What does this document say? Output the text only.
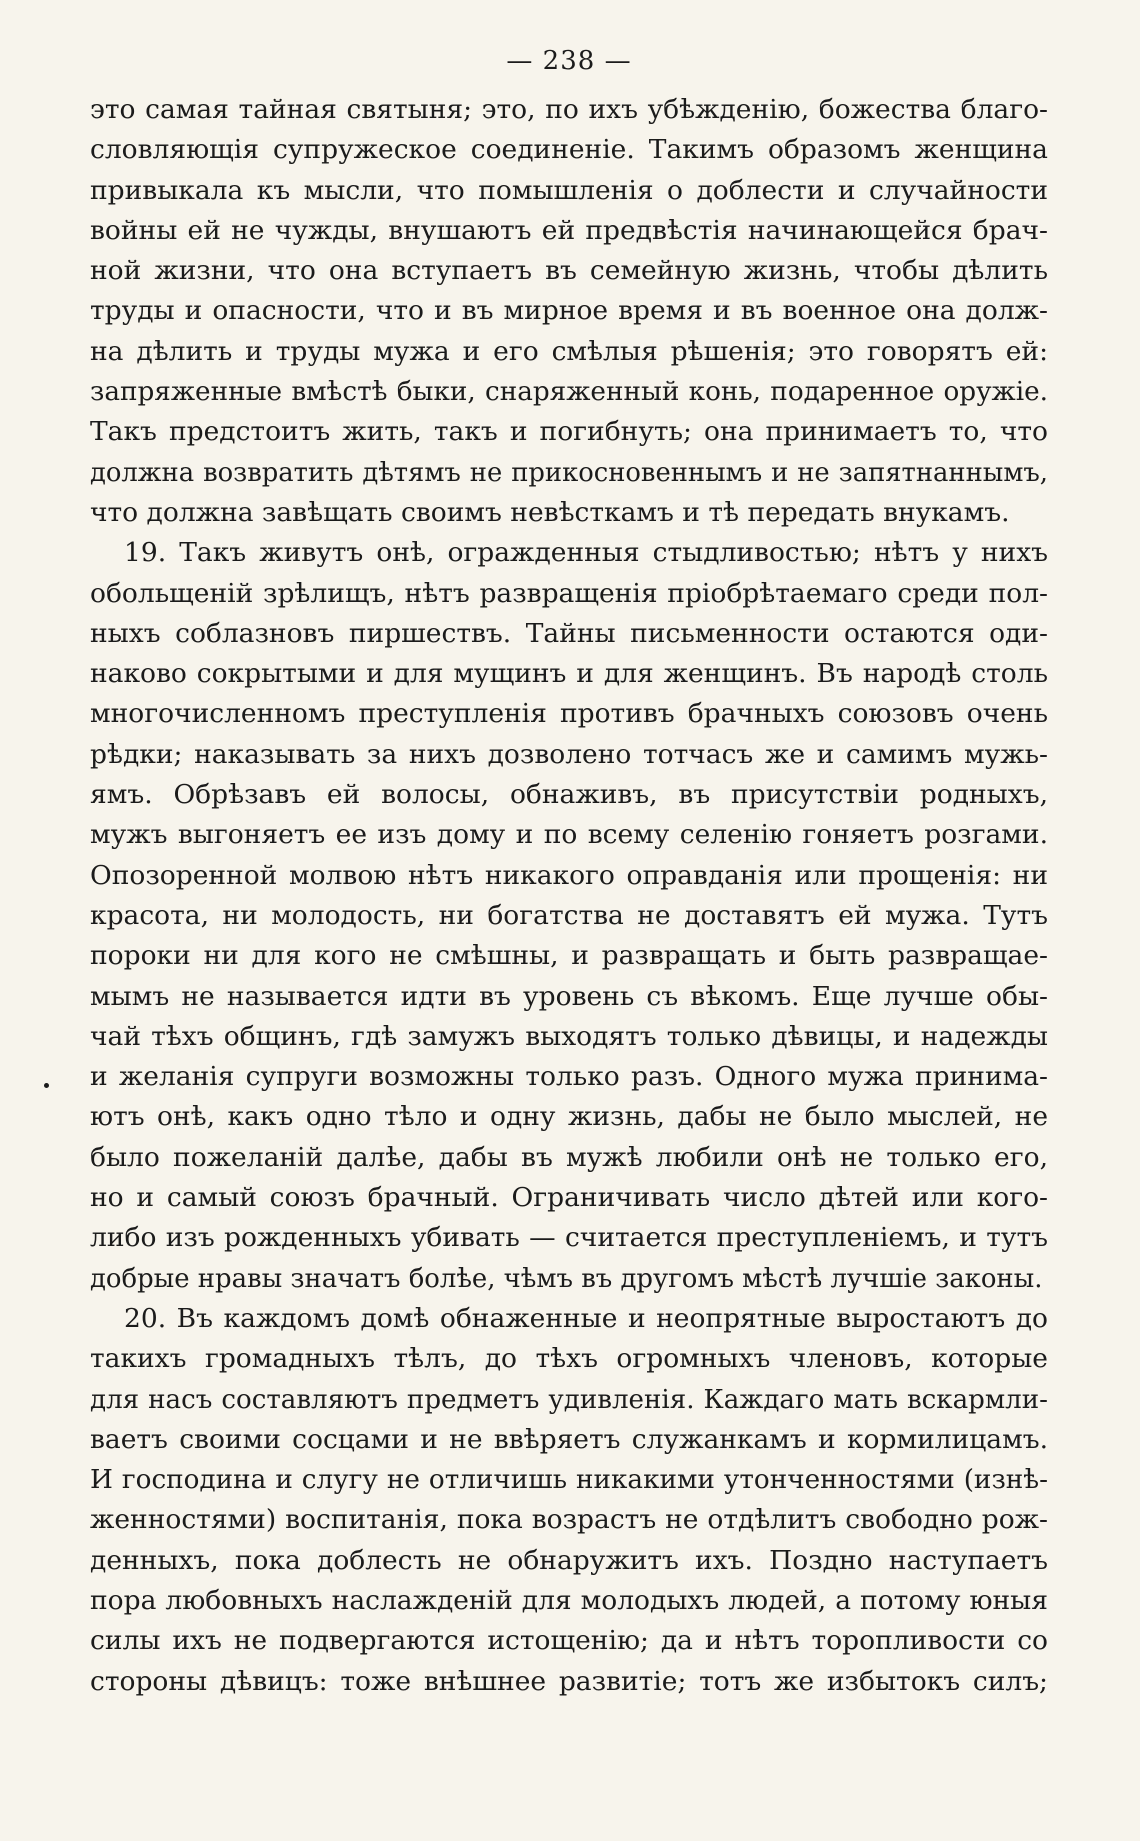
— 238 —
это самая тайная святыня; это, по ихъ убѣжденію, божества благо-
словляющія супружеское соединеніе. Такимъ образомъ женщина
привыкала къ мысли, что помышленія о доблести и случайности
войны ей не чужды, внушаютъ ей предвѣстія начинающейся брач-
ной жизни, что она вступаетъ въ семейную жизнь, чтобы дѣлить
труды и опасности, что и въ мирное время и въ военное она долж-
на дѣлить и труды мужа и его смѣлыя рѣшенія; это говорятъ ей:
запряженные вмѣстѣ быки, снаряженный конь, подаренное оружіе.
Такъ предстоитъ жить, такъ и погибнуть; она принимаетъ то, что
должна возвратить дѣтямъ не прикосновеннымъ и не запятнаннымъ,
что должна завѣщать своимъ невѣсткамъ и тѣ передать внукамъ.
19. Такъ живутъ онѣ, огражденныя стыдливостью; нѣтъ у нихъ
обольщеній зрѣлищъ, нѣтъ развращенія пріобрѣтаемаго среди пол-
ныхъ соблазновъ пиршествъ. Тайны письменности остаются оди-
наково сокрытыми и для мущинъ и для женщинъ. Въ народѣ столь
многочисленномъ преступленія противъ брачныхъ союзовъ очень
рѣдки; наказывать за нихъ дозволено тотчасъ же и самимъ мужь-
ямъ. Обрѣзавъ ей волосы, обнаживъ, въ присутствіи родныхъ,
мужъ выгоняетъ ее изъ дому и по всему селенію гоняетъ розгами.
Опозоренной молвою нѣтъ никакого оправданія или прощенія: ни
красота, ни молодость, ни богатства не доставятъ ей мужа. Тутъ
пороки ни для кого не смѣшны, и развращать и быть развращае-
мымъ не называется идти въ уровень съ вѣкомъ. Еще лучше обы-
чай тѣхъ общинъ, гдѣ замужъ выходятъ только дѣвицы, и надежды
и желанія супруги возможны только разъ. Одного мужа принима-
ютъ онѣ, какъ одно тѣло и одну жизнь, дабы не было мыслей, не
было пожеланій далѣе, дабы въ мужѣ любили онѣ не только его,
но и самый союзъ брачный. Ограничивать число дѣтей или кого-
либо изъ рожденныхъ убивать — считается преступленіемъ, и тутъ
добрые нравы значатъ болѣе, чѣмъ въ другомъ мѣстѣ лучшіе законы.
20. Въ каждомъ домѣ обнаженные и неопрятные выростаютъ до
такихъ громадныхъ тѣлъ, до тѣхъ огромныхъ членовъ, которые
для насъ составляютъ предметъ удивленія. Каждаго мать вскармли-
ваетъ своими сосцами и не ввѣряетъ служанкамъ и кормилицамъ.
И господина и слугу не отличишь никакими утонченностями (изнѣ-
женностями) воспитанія, пока возрастъ не отдѣлитъ свободно рож-
денныхъ, пока доблесть не обнаружитъ ихъ. Поздно наступаетъ
пора любовныхъ наслажденій для молодыхъ людей, а потому юныя
силы ихъ не подвергаются истощенію; да и нѣтъ торопливости со
стороны дѣвицъ: тоже внѣшнее развитіе; тотъ же избытокъ силъ;
